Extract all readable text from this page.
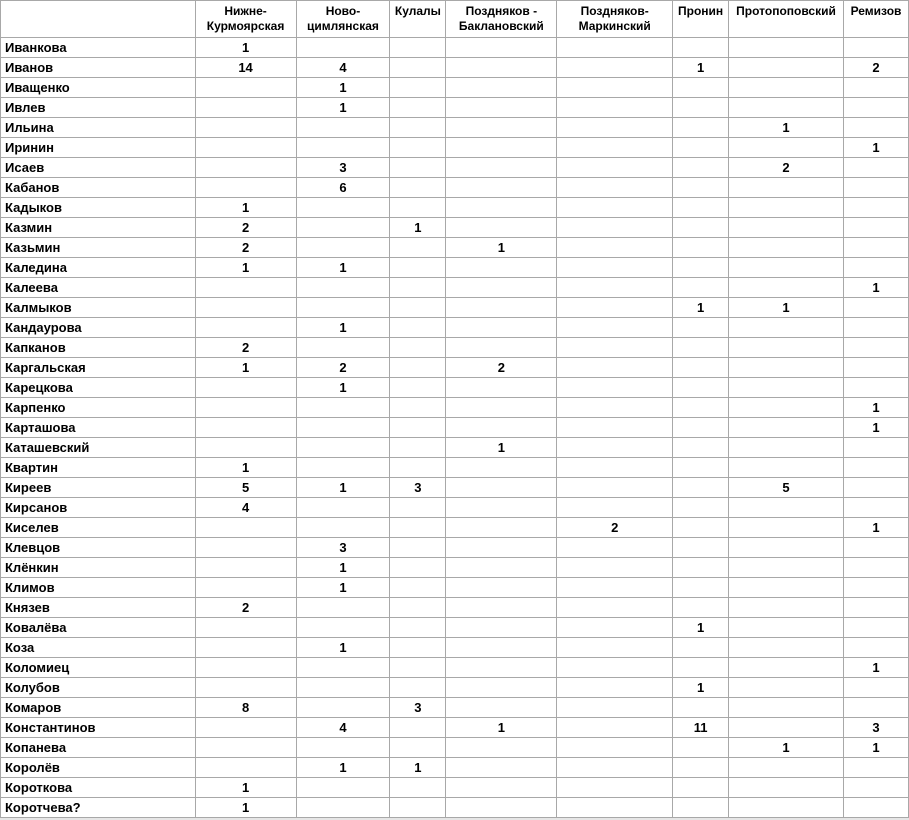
	Нижне-Курмоярская	Ново-цимлянская	Кулалы	Поздняков - Баклановский	Поздняков-Маркинский	Пронин	Протопоповский	Ремизов
Иванкова	1							
Иванов	14	4				1		2
Иващенко		1						
Ивлев		1						
Ильина							1	
Иринин								1
Исаев		3					2	
Кабанов		6						
Кадыков	1							
Казмин	2		1					
Казьмин	2			1				
Каледина	1	1						
Калеева								1
Калмыков						1	1	
Кандаурова		1						
Капканов	2							
Каргальская	1	2		2				
Карецкова		1						
Карпенко								1
Карташова								1
Каташевский				1				
Квартин	1							
Киреев	5	1	3				5	
Кирсанов	4							
Киселев					2			1
Клевцов		3						
Клёнкин		1						
Климов		1						
Князев	2							
Ковалёва						1		
Коза		1						
Коломиец								1
Колубов						1		
Комаров	8		3					
Константинов		4		1		11		3
Копанева							1	1
Королёв		1	1					
Короткова	1							
Коротчева?	1							
